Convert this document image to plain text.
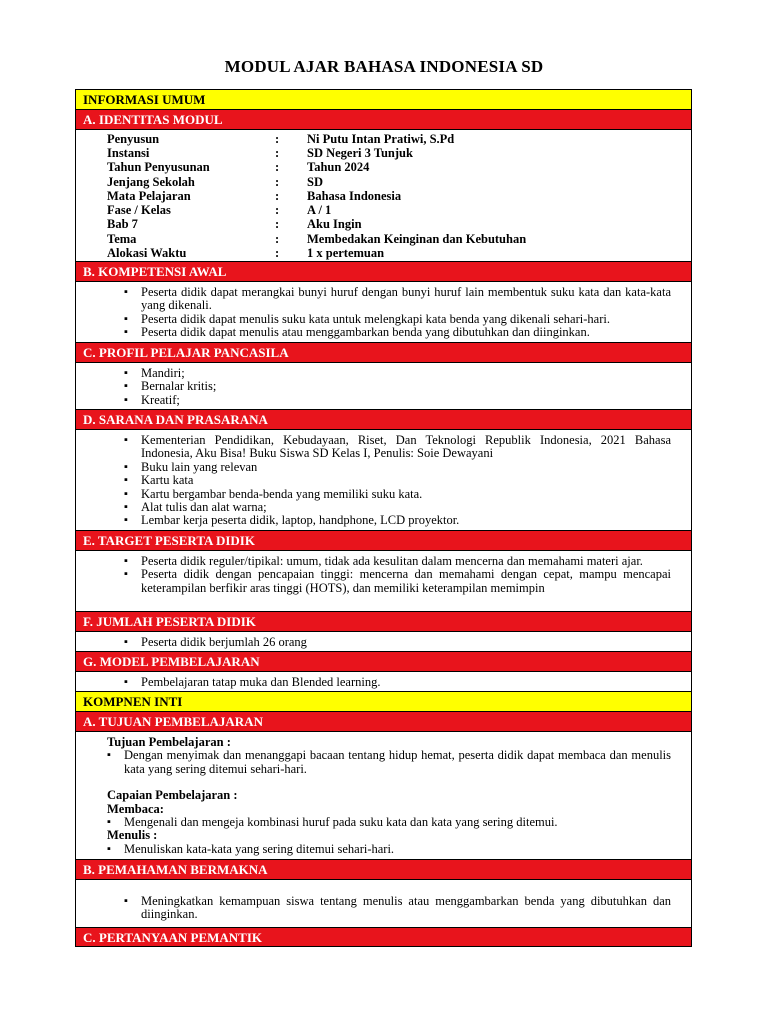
MODUL AJAR BAHASA INDONESIA SD
INFORMASI UMUM
A. IDENTITAS MODUL
Penyusun	:	Ni Putu Intan Pratiwi, S.Pd
Instansi	:	SD Negeri 3 Tunjuk
Tahun Penyusunan	:	Tahun 2024
Jenjang Sekolah	:	SD
Mata Pelajaran	:	Bahasa Indonesia
Fase / Kelas	:	A / 1
Bab 7	:	Aku Ingin
Tema	:	Membedakan Keinginan dan Kebutuhan
Alokasi Waktu	:	1 x pertemuan
B. KOMPETENSI AWAL
▪ Peserta didik dapat merangkai bunyi huruf dengan bunyi huruf lain membentuk suku kata dan kata-kata yang dikenali.
▪ Peserta didik dapat menulis suku kata untuk melengkapi kata benda yang dikenali sehari-hari.
▪ Peserta didik dapat menulis atau menggambarkan benda yang dibutuhkan dan diinginkan.
C. PROFIL PELAJAR PANCASILA
▪ Mandiri;
▪ Bernalar kritis;
▪ Kreatif;
D. SARANA DAN PRASARANA
▪ Kementerian Pendidikan, Kebudayaan, Riset, Dan Teknologi Republik Indonesia, 2021 Bahasa Indonesia, Aku Bisa! Buku Siswa SD Kelas I, Penulis: Soie Dewayani
▪ Buku lain yang relevan
▪ Kartu kata
▪ Kartu bergambar benda-benda yang memiliki suku kata.
▪ Alat tulis dan alat warna;
▪ Lembar kerja peserta didik, laptop, handphone, LCD proyektor.
E. TARGET PESERTA DIDIK
▪ Peserta didik reguler/tipikal: umum, tidak ada kesulitan dalam mencerna dan memahami materi ajar.
▪ Peserta didik dengan pencapaian tinggi: mencerna dan memahami dengan cepat, mampu mencapai keterampilan berfikir aras tinggi (HOTS), dan memiliki keterampilan memimpin
F. JUMLAH PESERTA DIDIK
▪ Peserta didik berjumlah 26 orang
G. MODEL PEMBELAJARAN
▪ Pembelajaran tatap muka dan Blended learning.
KOMPNEN INTI
A. TUJUAN PEMBELAJARAN
Tujuan Pembelajaran :
▪ Dengan menyimak dan menanggapi bacaan tentang hidup hemat, peserta didik dapat membaca dan menulis kata yang sering ditemui sehari-hari.
Capaian Pembelajaran :
Membaca:
▪ Mengenali dan mengeja kombinasi huruf pada suku kata dan kata yang sering ditemui.
Menulis :
▪ Menuliskan kata-kata yang sering ditemui sehari-hari.
B. PEMAHAMAN BERMAKNA
▪ Meningkatkan kemampuan siswa tentang menulis atau menggambarkan benda yang dibutuhkan dan diinginkan.
C. PERTANYAAN PEMANTIK
